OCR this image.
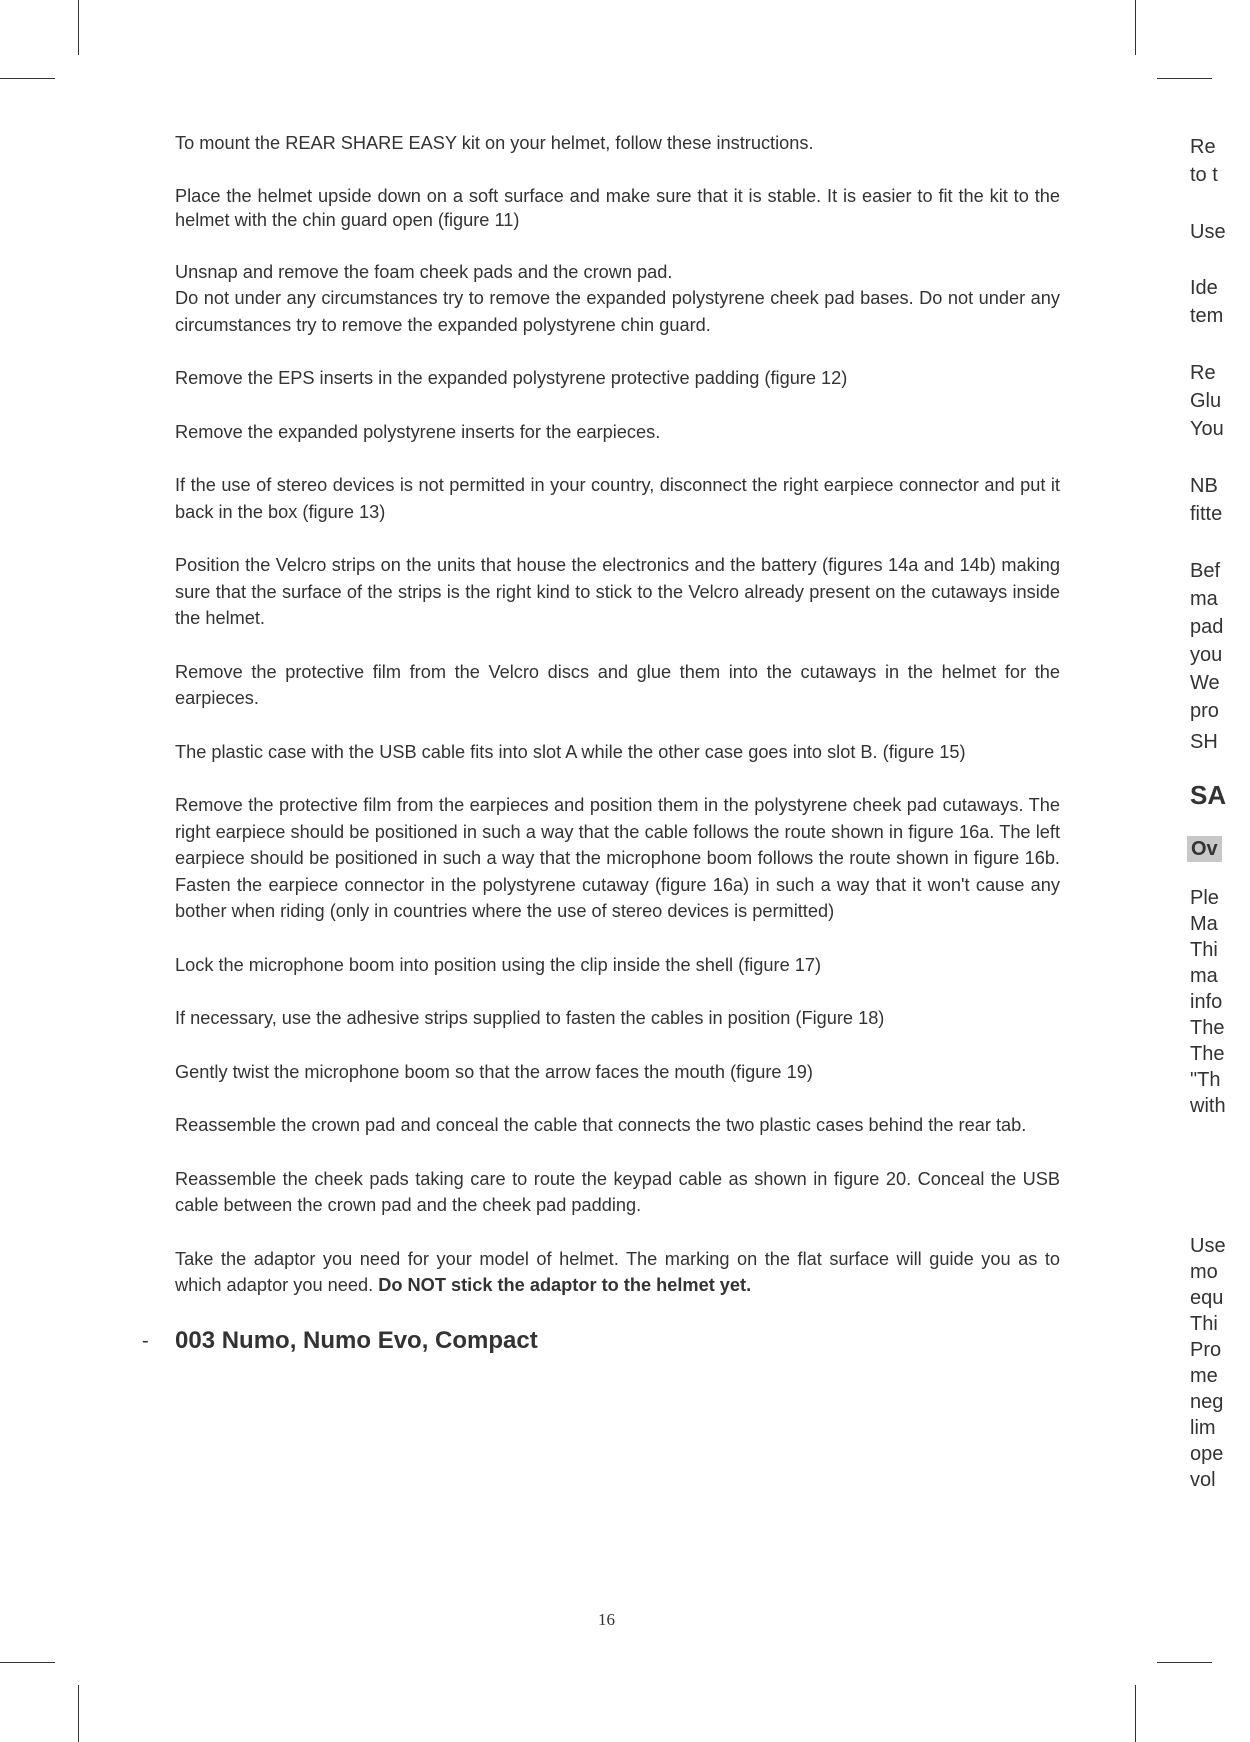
To mount the REAR SHARE EASY kit on your helmet, follow these instructions.

Place the helmet upside down on a soft surface and make sure that it is stable. It is easier to fit the kit to the helmet with the chin guard open (figure 11)

Unsnap and remove the foam cheek pads and the crown pad.

Do not under any circumstances try to remove the expanded polystyrene cheek pad bases. Do not under any circumstances try to remove the expanded polystyrene chin guard.

Remove the EPS inserts in the expanded polystyrene protective padding (figure 12)

Remove the expanded polystyrene inserts for the earpieces.

If the use of stereo devices is not permitted in your country, disconnect the right earpiece connector and put it back in the box (figure 13)

Position the Velcro strips on the units that house the electronics and the battery (figures 14a and 14b) making sure that the surface of the strips is the right kind to stick to the Velcro already present on the cutaways inside the helmet.

Remove the protective film from the Velcro discs and glue them into the cutaways in the helmet for the earpieces.

The plastic case with the USB cable fits into slot A while the other case goes into slot B. (figure 15)

Remove the protective film from the earpieces and position them in the polystyrene cheek pad cutaways. The right earpiece should be positioned in such a way that the cable follows the route shown in figure 16a. The left earpiece should be positioned in such a way that the microphone boom follows the route shown in figure 16b. Fasten the earpiece connector in the polystyrene cutaway (figure 16a) in such a way that it won't cause any bother when riding (only in countries where the use of stereo devices is permitted)

Lock the microphone boom into position using the clip inside the shell (figure 17)

If necessary, use the adhesive strips supplied to fasten the cables in position (Figure 18)

Gently twist the microphone boom so that the arrow faces the mouth (figure 19)

Reassemble the crown pad and conceal the cable that connects the two plastic cases behind the rear tab.

Reassemble the cheek pads taking care to route the keypad cable as shown in figure 20. Conceal the USB cable between the crown pad and the cheek pad padding.

Take the adaptor you need for your model of helmet. The marking on the flat surface will guide you as to which adaptor you need. Do NOT stick the adaptor to the helmet yet.

- 003 Numo, Numo Evo, Compact
16
Re
to t
Use
Ide
tem
Re
Glu
You
NB
fitte
Bef
ma
pad
you
We
pro
SH
SA
Ov
Ple
Ma
Thi
ma
info
The
The
"Th
with
Use
mo
equ
Thi
Pro
me
neg
lim
ope
vol
